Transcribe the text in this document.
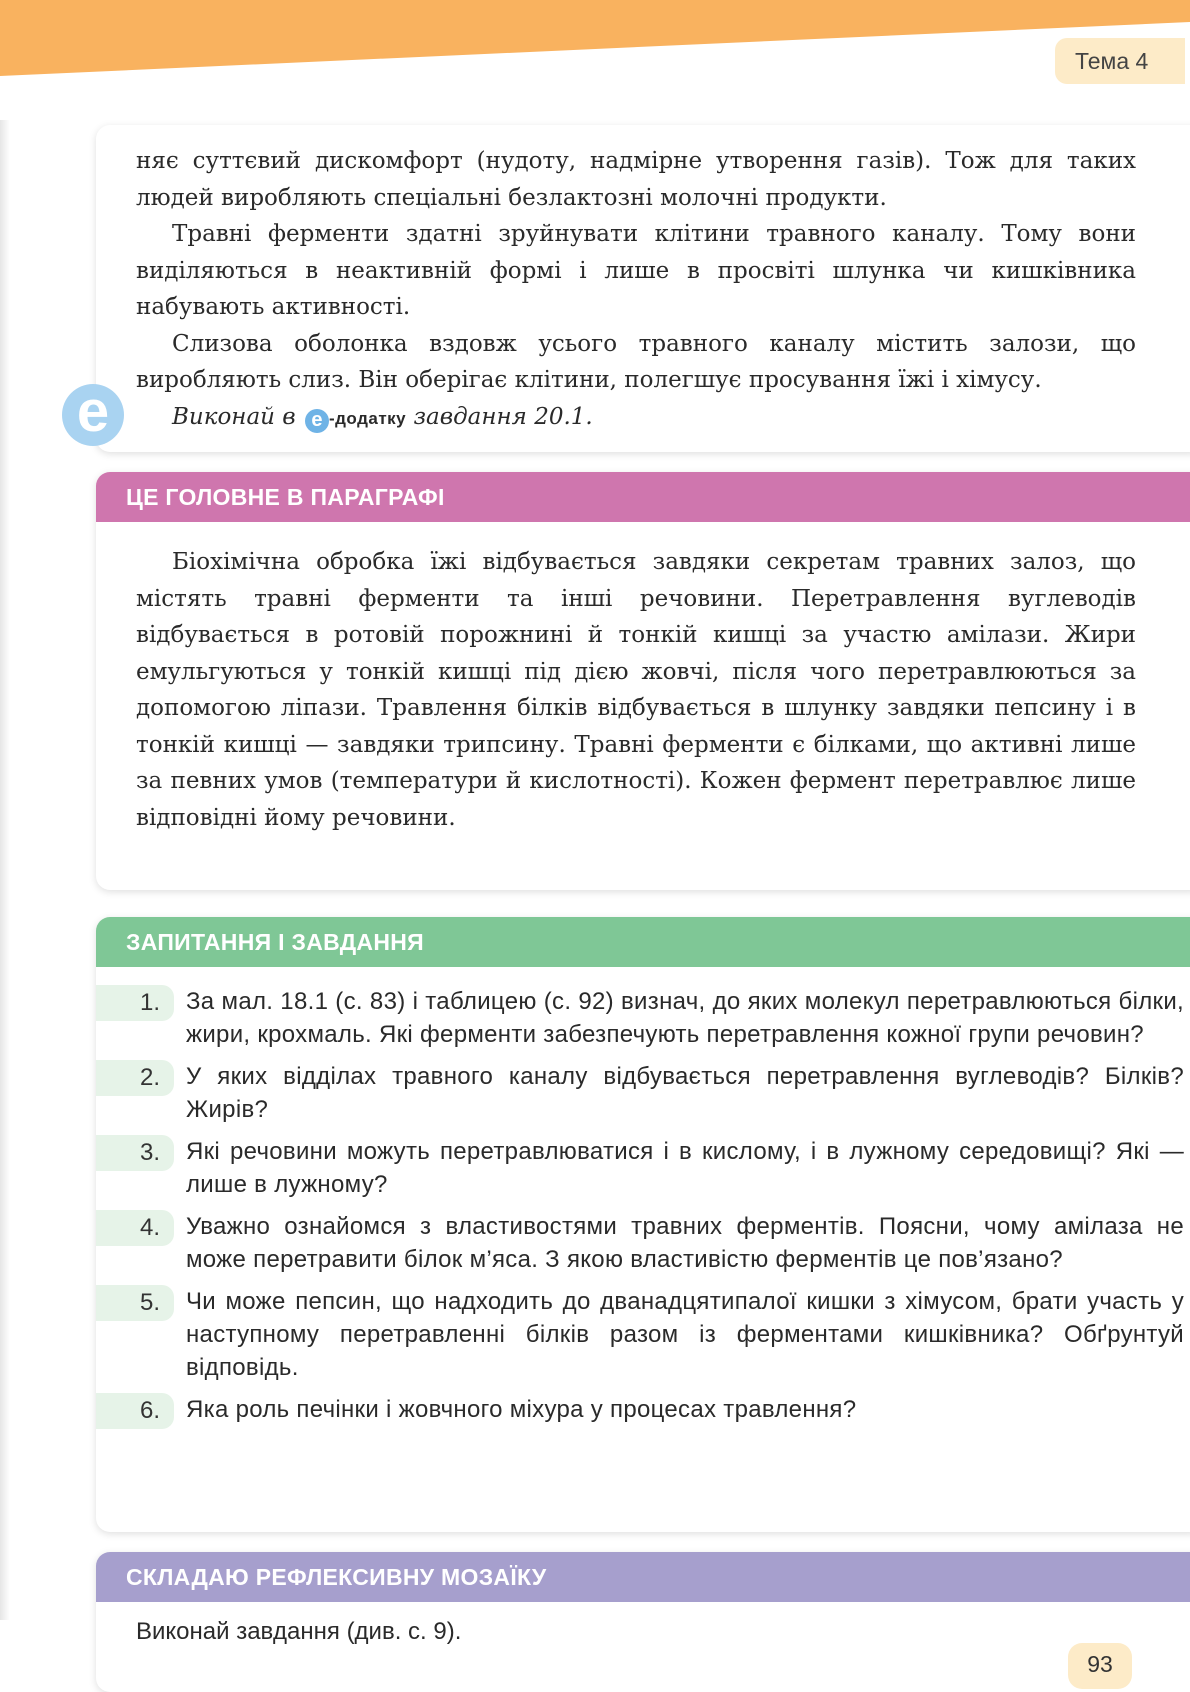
Тема 4

няє суттєвий дискомфорт (нудоту, надмірне утворення газів). Тож для таких людей виробляють спеціальні безлактозні молочні продукти.

Травні ферменти здатні зруйнувати клітини травного каналу. Тому вони виділяються в неактивній формі і лише в просвіті шлунка чи кишківника набувають активності.

Слизова оболонка вздовж усього травного каналу містить залози, що виробляють слиз. Він оберігає клітини, полегшує просування їжі і хімусу.

Виконай в e -додатку завдання 20.1.

e
ЦЕ ГОЛОВНЕ В ПАРАГРАФІ

Біохімічна обробка їжі відбувається завдяки секретам травних залоз, що містять травні ферменти та інші речовини. Перетравлення вуглеводів відбувається в ротовій порожнині й тонкій кишці за участю амілази. Жири емульгуються у тонкій кишці під дією жовчі, після чого перетравлюються за допомогою ліпази. Травлення білків відбувається в шлунку завдяки пепсину і в тонкій кишці — завдяки трипсину. Травні ферменти є білками, що активні лише за певних умов (температури й кислотності). Кожен фермент перетравлює лише відповідні йому речовини.

ЗАПИТАННЯ І ЗАВДАННЯ
1.	За мал. 18.1 (с. 83) і таблицею (с. 92) визнач, до яких молекул перетравлюються білки, жири, крохмаль. Які ферменти забезпечують перетравлення кожної групи речовин?
2.	У яких відділах травного каналу відбувається перетравлення вуглеводів? Білків? Жирів?
3.	Які речовини можуть перетравлюватися і в кислому, і в лужному середовищі? Які — лише в лужному?
4.	Уважно ознайомся з властивостями травних ферментів. Поясни, чому амілаза не може перетравити білок м’яса. З якою властивістю ферментів це пов’язано?
5.	Чи може пепсин, що надходить до дванадцятипалої кишки з хімусом, брати участь у наступному перетравленні білків разом із ферментами кишківника? Обґрунтуй відповідь.
6.	Яка роль печінки і жовчного міхура у процесах травлення?
СКЛАДАЮ РЕФЛЕКСИВНУ МОЗАЇКУ
Виконай завдання (див. с. 9).
93
